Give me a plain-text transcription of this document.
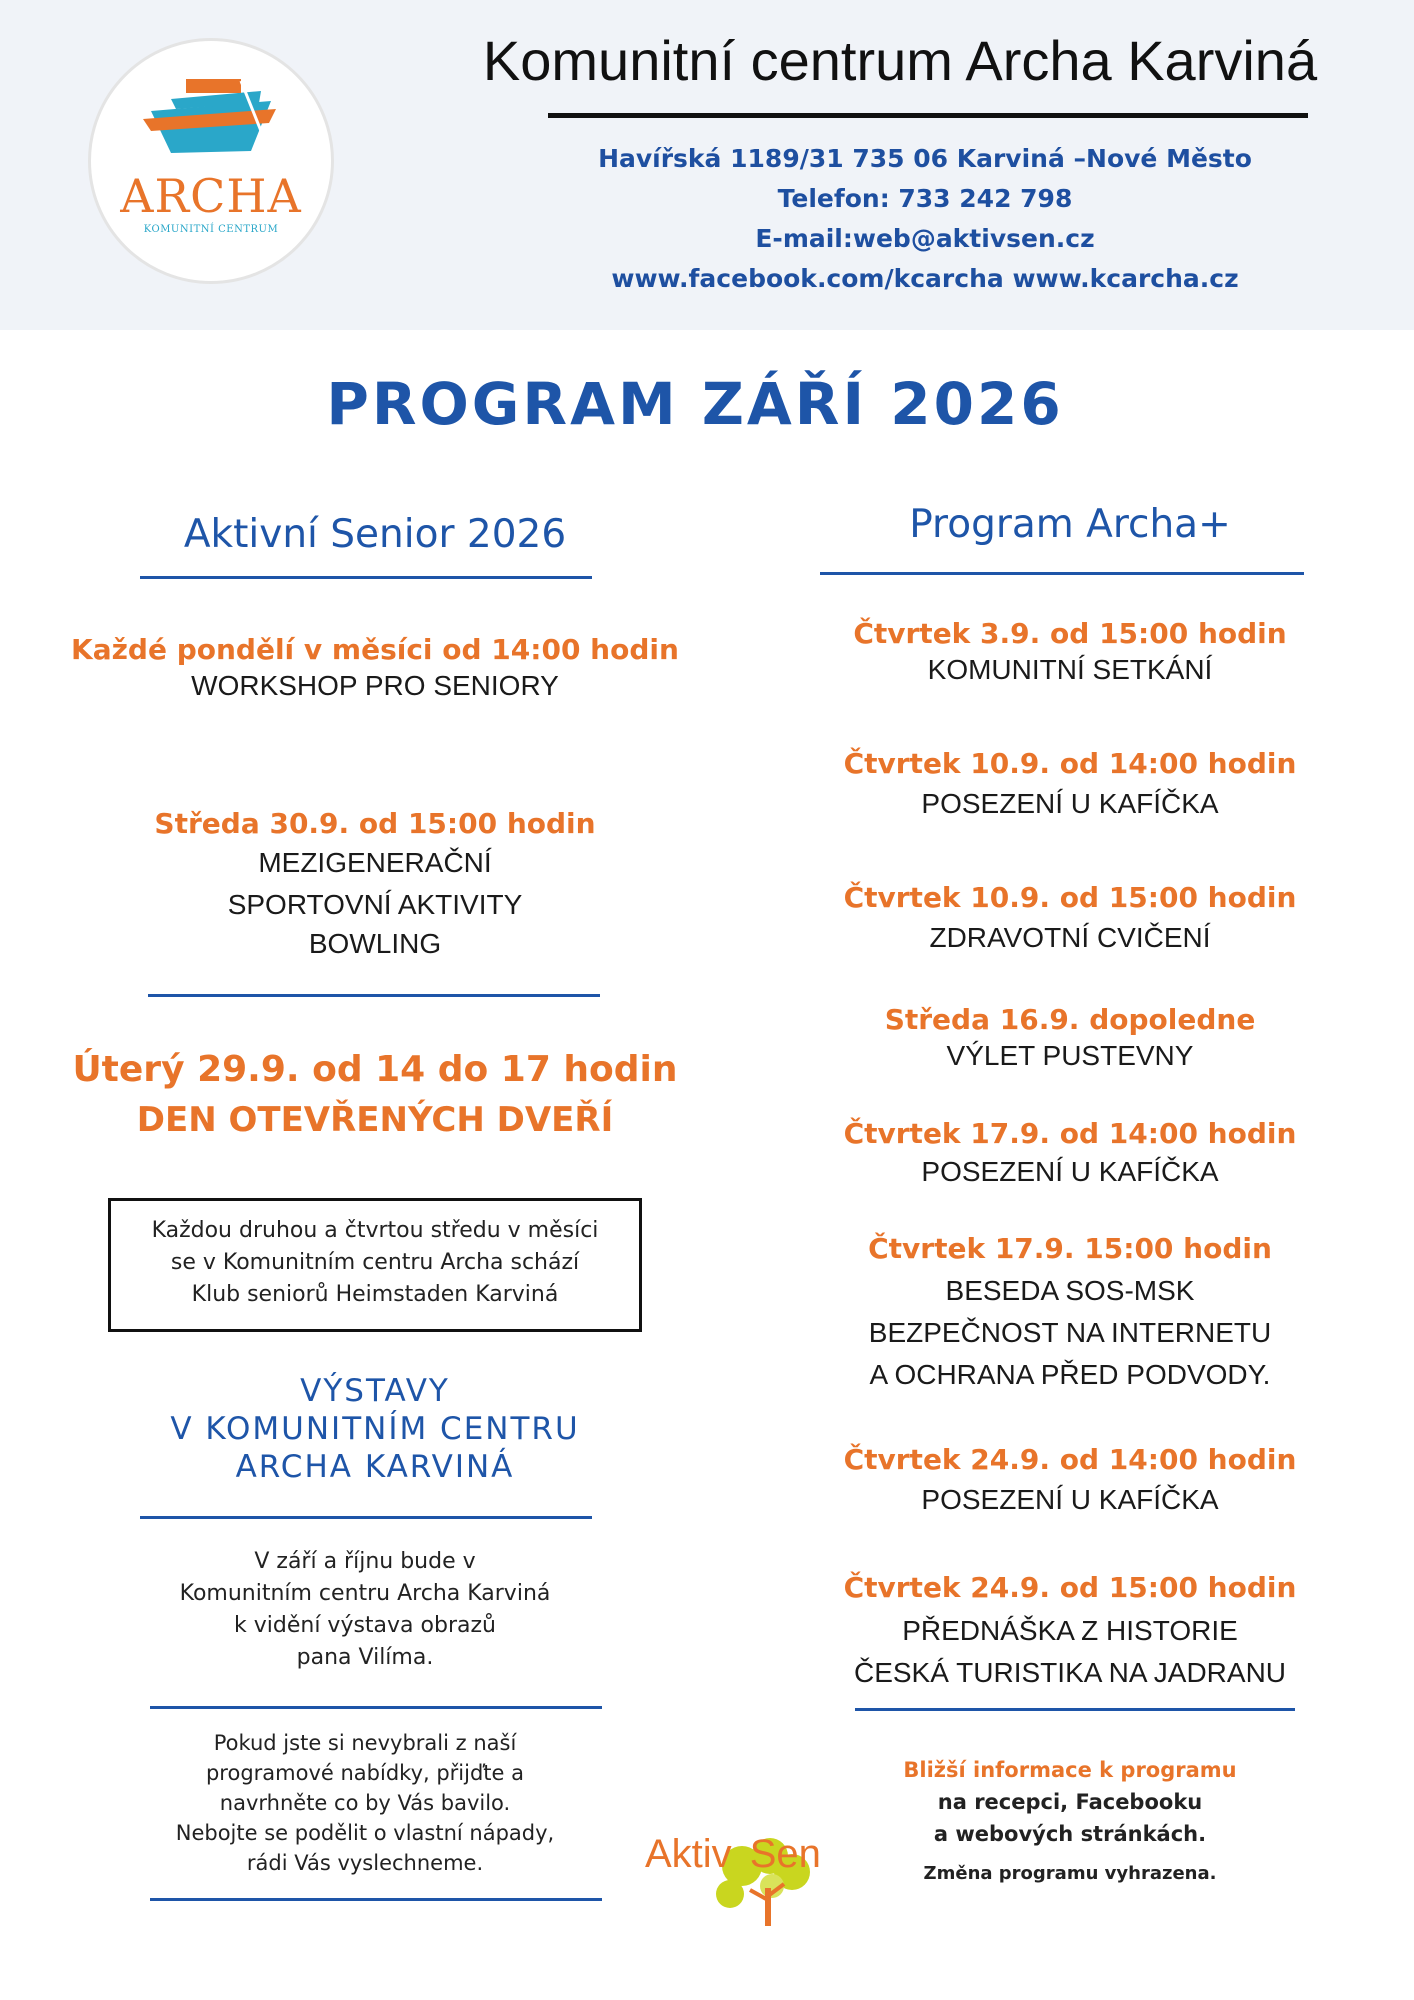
ARCHA
KOMUNITNÍ CENTRUM
Komunitní centrum Archa Karviná
Havířská 1189/31 735 06 Karviná –Nové Město
Telefon: 733 242 798
E-mail:web@aktivsen.cz
www.facebook.com/kcarcha www.kcarcha.cz
PROGRAM ZÁŘÍ 2026
Aktivní Senior 2026
Každé pondělí v měsíci od 14:00 hodin
WORKSHOP PRO SENIORY
Středa 30.9. od 15:00 hodin
MEZIGENERAČNÍ
SPORTOVNÍ AKTIVITY
BOWLING
Úterý 29.9. od 14 do 17 hodin
DEN OTEVŘENÝCH DVEŘÍ
Každou druhou a čtvrtou středu v měsíci
se v Komunitním centru Archa schází
Klub seniorů Heimstaden Karviná
VÝSTAVY
V KOMUNITNÍM CENTRU
ARCHA KARVINÁ
V září a říjnu bude v
Komunitním centru Archa Karviná
k vidění výstava obrazů
pana Vilíma.
Pokud jste si nevybrali z naší
programové nabídky, přijďte a
navrhněte co by Vás bavilo.
Nebojte se podělit o vlastní nápady,
rádi Vás vyslechneme.
Program Archa+
Čtvrtek 3.9. od 15:00 hodin
KOMUNITNÍ SETKÁNÍ
Čtvrtek 10.9. od 14:00 hodin
POSEZENÍ U KAFÍČKA
Čtvrtek 10.9. od 15:00 hodin
ZDRAVOTNÍ CVIČENÍ
Středa 16.9. dopoledne
VÝLET PUSTEVNY
Čtvrtek 17.9. od 14:00 hodin
POSEZENÍ U KAFÍČKA
Čtvrtek 17.9. 15:00 hodin
BESEDA SOS-MSK
BEZPEČNOST NA INTERNETU
A OCHRANA PŘED PODVODY.
Čtvrtek 24.9. od 14:00 hodin
POSEZENÍ U KAFÍČKA
Čtvrtek 24.9. od 15:00 hodin
PŘEDNÁŠKA Z HISTORIE
ČESKÁ TURISTIKA NA JADRANU
Bližší informace k programu
na recepci, Facebooku
a webových stránkách.
Změna programu vyhrazena.
Aktiv Sen
